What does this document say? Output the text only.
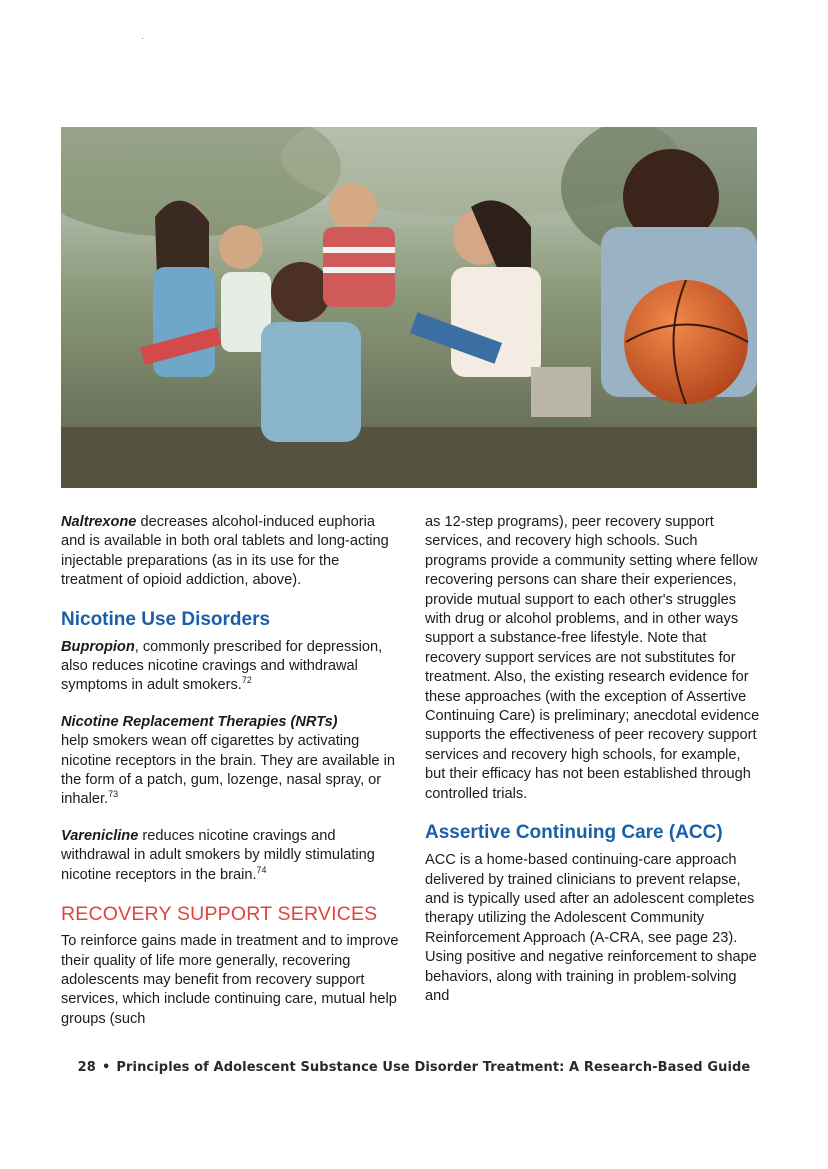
Naltrexone decreases alcohol-induced euphoria and is available in both oral tablets and long-acting injectable preparations (as in its use for the treatment of opioid addiction, above).

Nicotine Use Disorders

Bupropion, commonly prescribed for depression, also reduces nicotine cravings and withdrawal symptoms in adult smokers.$^{72}$

Nicotine Replacement Therapies (NRTs)
help smokers wean off cigarettes by activating nicotine receptors in the brain. They are available in the form of a patch, gum, lozenge, nasal spray, or inhaler.$^{73}$

Varenicline reduces nicotine cravings and withdrawal in adult smokers by mildly stimulating nicotine receptors in the brain.$^{74}$

RECOVERY SUPPORT SERVICES

To reinforce gains made in treatment and to improve their quality of life more generally, recovering adolescents may benefit from recovery support services, which include continuing care, mutual help groups (such

as 12-step programs), peer recovery support services, and recovery high schools. Such programs provide a community setting where fellow recovering persons can share their experiences, provide mutual support to each other's struggles with drug or alcohol problems, and in other ways support a substance-free lifestyle. Note that recovery support services are not substitutes for treatment. Also, the existing research evidence for these approaches (with the exception of Assertive Continuing Care) is preliminary; anecdotal evidence supports the effectiveness of peer recovery support services and recovery high schools, for example, but their efficacy has not been established through controlled trials.

Assertive Continuing Care (ACC)

ACC is a home-based continuing-care approach delivered by trained clinicians to prevent relapse, and is typically used after an adolescent completes therapy utilizing the Adolescent Community Reinforcement Approach (A-CRA, see page 23). Using positive and negative reinforcement to shape behaviors, along with training in problem-solving and

28 • Principles of Adolescent Substance Use Disorder Treatment: A Research-Based Guide
